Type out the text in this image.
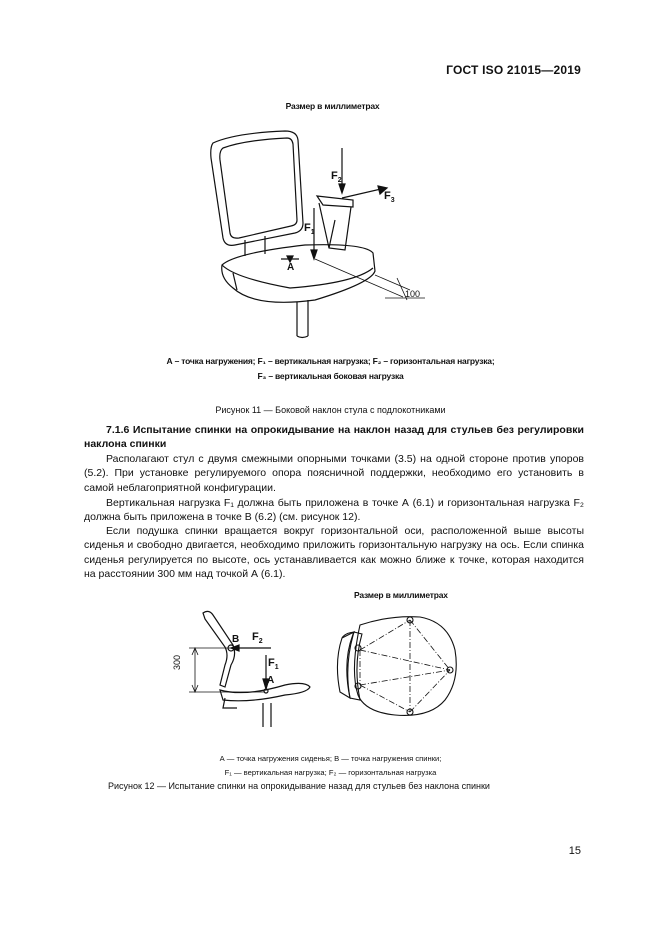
ГОСТ ISO 21015—2019
Размер в миллиметрах
$F_2$
$F_3$
$F_1$
A
100
А – точка нагружения; F₁ – вертикальная нагрузка; F₂ – горизонтальная нагрузка;
F₃ – вертикальная боковая нагрузка
Рисунок 11 — Боковой наклон стула с подлокотниками
7.1.6 Испытание спинки на опрокидывание на наклон назад для стульев без регулировки наклона спинки
Располагают стул с двумя смежными опорными точками (3.5) на одной стороне против упоров (5.2). При установке регулируемого опора поясничной поддержки, необходимо его установить в самой неблагоприятной конфигурации.
Вертикальная нагрузка F₁ должна быть приложена в точке А (6.1) и горизонтальная нагрузка F₂ должна быть приложена в точке В (6.2) (см. рисунок 12).
Если подушка спинки вращается вокруг горизонтальной оси, расположенной выше высоты сиденья и свободно двигается, необходимо приложить горизонтальную нагрузку на ось. Если спинка сиденья регулируется по высоте, ось устанавливается как можно ближе к точке, которая находится на расстоянии 300 мм над точкой А (6.1).
Размер в миллиметрах
B $F_2$
$F_1$
A
300
А — точка нагружения сиденья; В — точка нагружения спинки;
F₁ — вертикальная нагрузка; F₂ — горизонтальная нагрузка
Рисунок 12 — Испытание спинки на опрокидывание назад для стульев без наклона спинки
15
